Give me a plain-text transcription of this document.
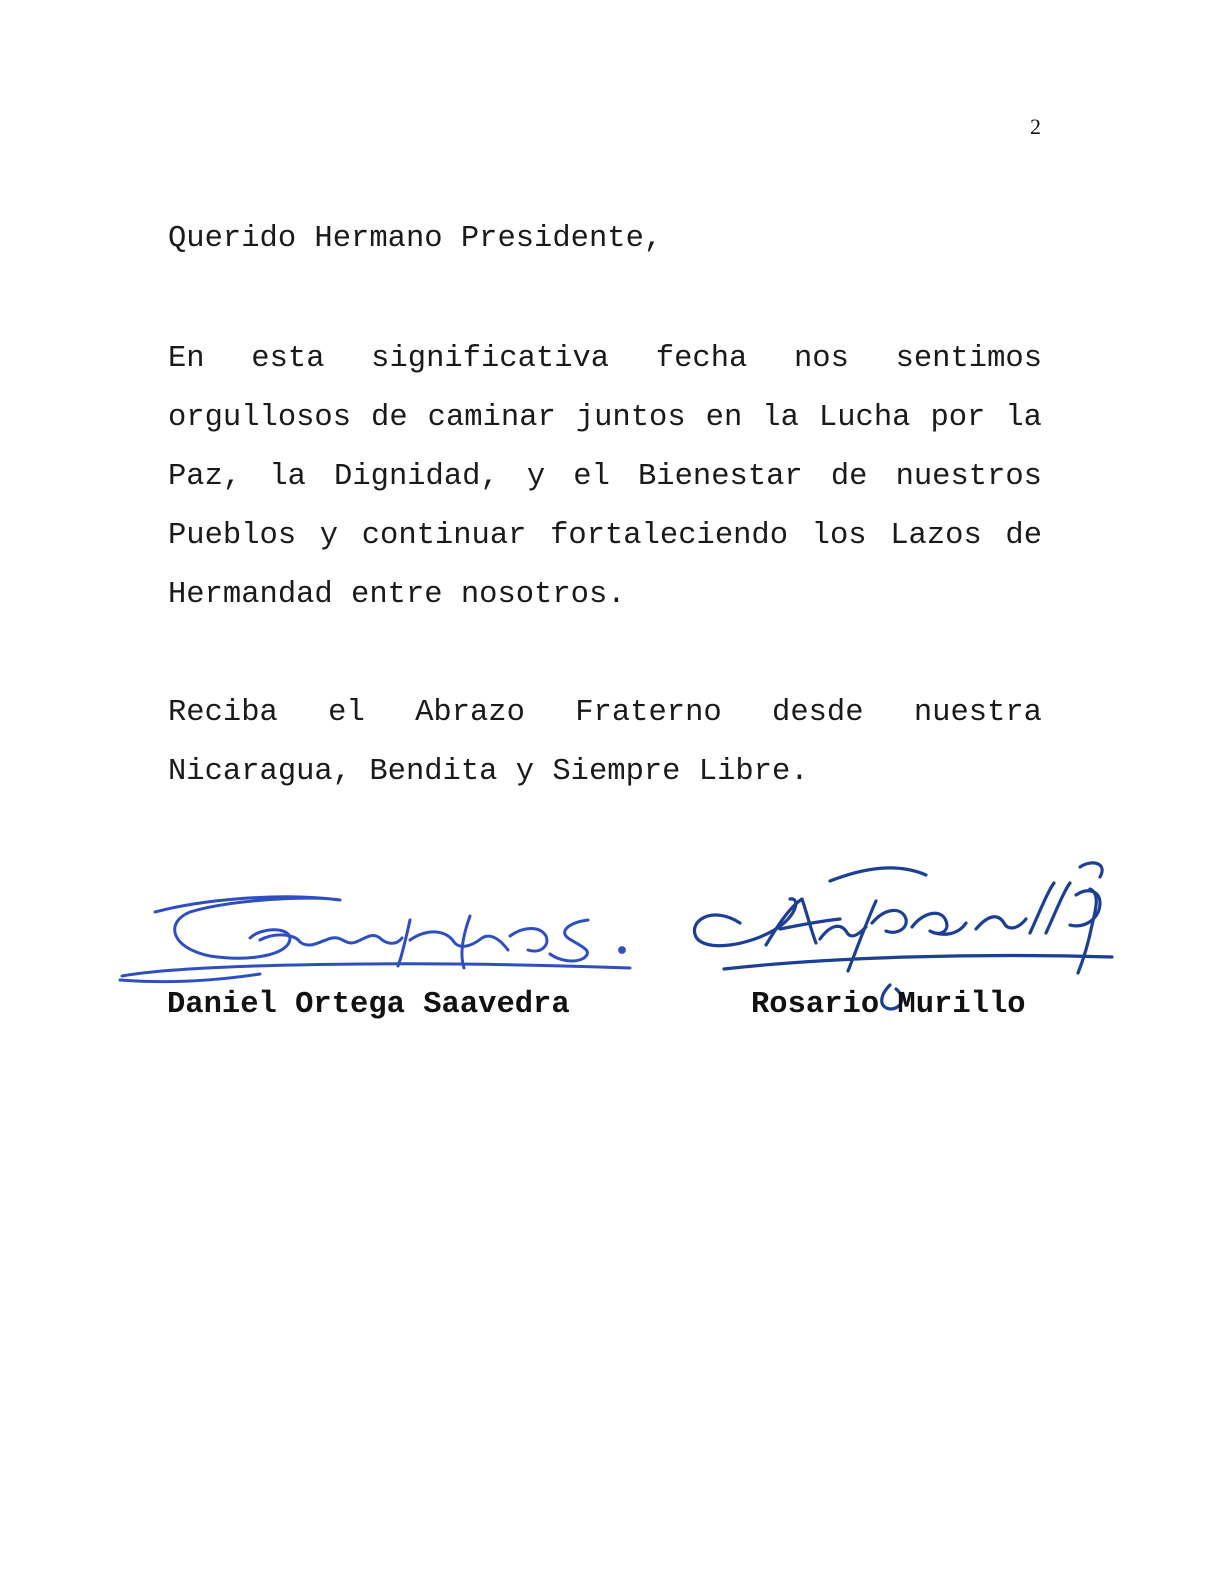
2
Querido Hermano Presidente,
En esta significativa fecha nos sentimos orgullosos de caminar juntos en la Lucha por la Paz, la Dignidad, y el Bienestar de nuestros Pueblos y continuar fortaleciendo los Lazos de Hermandad entre nosotros.
Reciba el Abrazo Fraterno desde nuestra Nicaragua, Bendita y Siempre Libre.
Daniel Ortega Saavedra	Rosario Murillo
